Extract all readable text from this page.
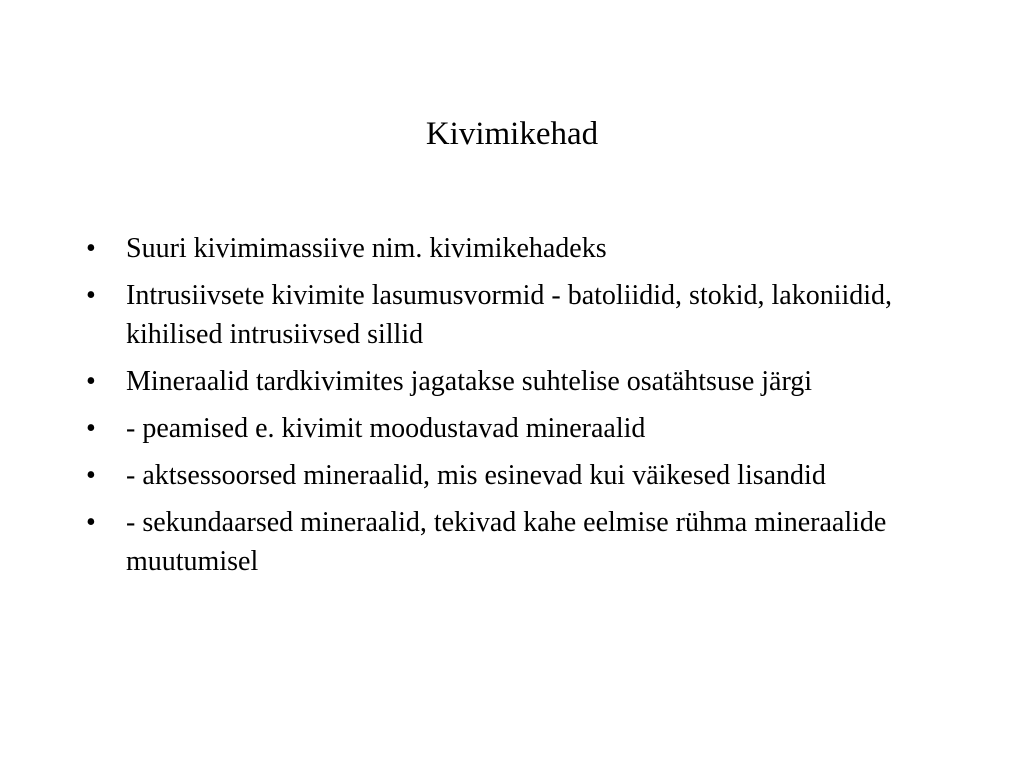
Kivimikehad
•	Suuri kivimimassiive nim. kivimikehadeks
•	Intrusiivsete kivimite lasumusvormid - batoliidid, stokid, lakoniidid, kihilised intrusiivsed sillid
•	Mineraalid tardkivimites jagatakse suhtelise osatähtsuse järgi
•	- peamised e. kivimit moodustavad mineraalid
•	- aktsessoorsed mineraalid, mis esinevad kui väikesed lisandid
•	- sekundaarsed mineraalid, tekivad kahe eelmise rühma mineraalide muutumisel
